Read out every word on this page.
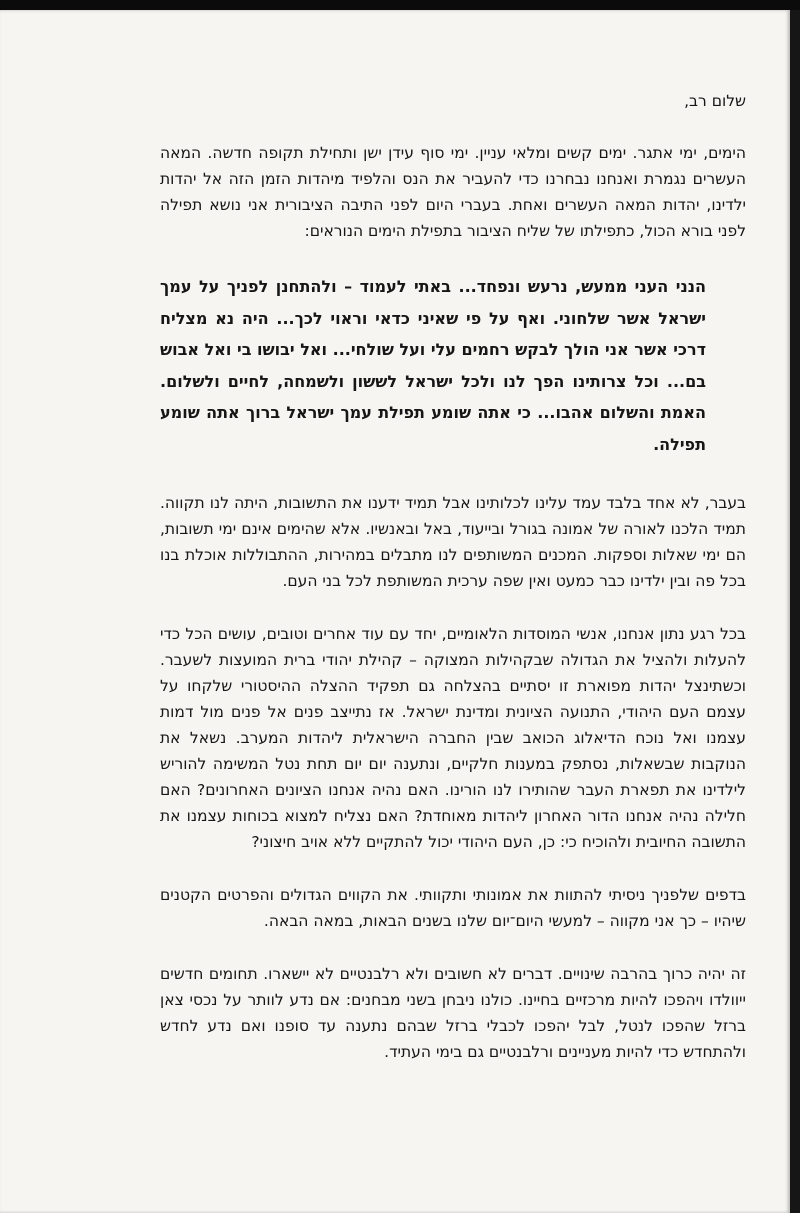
שלום רב,

הימים, ימי אתגר. ימים קשים ומלאי עניין. ימי סוף עידן ישן ותחילת תקופה חדשה. המאה העשרים נגמרת ואנחנו נבחרנו כדי להעביר את הנס והלפיד מיהדות הזמן הזה אל יהדות ילדינו, יהדות המאה העשרים ואחת. בעברי היום לפני התיבה הציבורית אני נושא תפילה לפני בורא הכול, כתפילתו של שליח הציבור בתפילת הימים הנוראים:

הנני העני ממעש, נרעש ונפחד... באתי לעמוד – ולהתחנן לפניך על עמך ישראל אשר שלחוני. ואף על פי שאיני כדאי וראוי לכך... היה נא מצליח דרכי אשר אני הולך לבקש רחמים עלי ועל שולחי... ואל יבושו בי ואל אבוש בם... וכל צרותינו הפך לנו ולכל ישראל לששון ולשמחה, לחיים ולשלום. האמת והשלום אהבו... כי אתה שומע תפילת עמך ישראל ברוך אתה שומע תפילה.

בעבר, לא אחד בלבד עמד עלינו לכלותינו אבל תמיד ידענו את התשובות, היתה לנו תקווה. תמיד הלכנו לאורה של אמונה בגורל ובייעוד, באל ובאנשיו. אלא שהימים אינם ימי תשובות, הם ימי שאלות וספקות. המכנים המשותפים לנו מתבלים במהירות, ההתבוללות אוכלת בנו בכל פה ובין ילדינו כבר כמעט ואין שפה ערכית המשותפת לכל בני העם.

בכל רגע נתון אנחנו, אנשי המוסדות הלאומיים, יחד עם עוד אחרים וטובים, עושים הכל כדי להעלות ולהציל את הגדולה שבקהילות המצוקה – קהילת יהודי ברית המועצות לשעבר. וכשתינצל יהדות מפוארת זו יסתיים בהצלחה גם תפקיד ההצלה ההיסטורי שלקחו על עצמם העם היהודי, התנועה הציונית ומדינת ישראל. אז נתייצב פנים אל פנים מול דמות עצמנו ואל נוכח הדיאלוג הכואב שבין החברה הישראלית ליהדות המערב. נשאל את הנוקבות שבשאלות, נסתפק במענות חלקיים, ונתענה יום יום תחת נטל המשימה להוריש לילדינו את תפארת העבר שהותירו לנו הורינו. האם נהיה אנחנו הציונים האחרונים? האם חלילה נהיה אנחנו הדור האחרון ליהדות מאוחדת? האם נצליח למצוא בכוחות עצמנו את התשובה החיובית ולהוכיח כי: כן, העם היהודי יכול להתקיים ללא אויב חיצוני?

בדפים שלפניך ניסיתי להתוות את אמונותי ותקוותי. את הקווים הגדולים והפרטים הקטנים שיהיו – כך אני מקווה – למעשי היום־יום שלנו בשנים הבאות, במאה הבאה.

זה יהיה כרוך בהרבה שינויים. דברים לא חשובים ולא רלבנטיים לא יישארו. תחומים חדשים ייוולדו ויהפכו להיות מרכזיים בחיינו. כולנו ניבחן בשני מבחנים: אם נדע לוותר על נכסי צאן ברזל שהפכו לנטל, לבל יהפכו לכבלי ברזל שבהם נתענה עד סופנו ואם נדע לחדש ולהתחדש כדי להיות מעניינים ורלבנטיים גם בימי העתיד.
